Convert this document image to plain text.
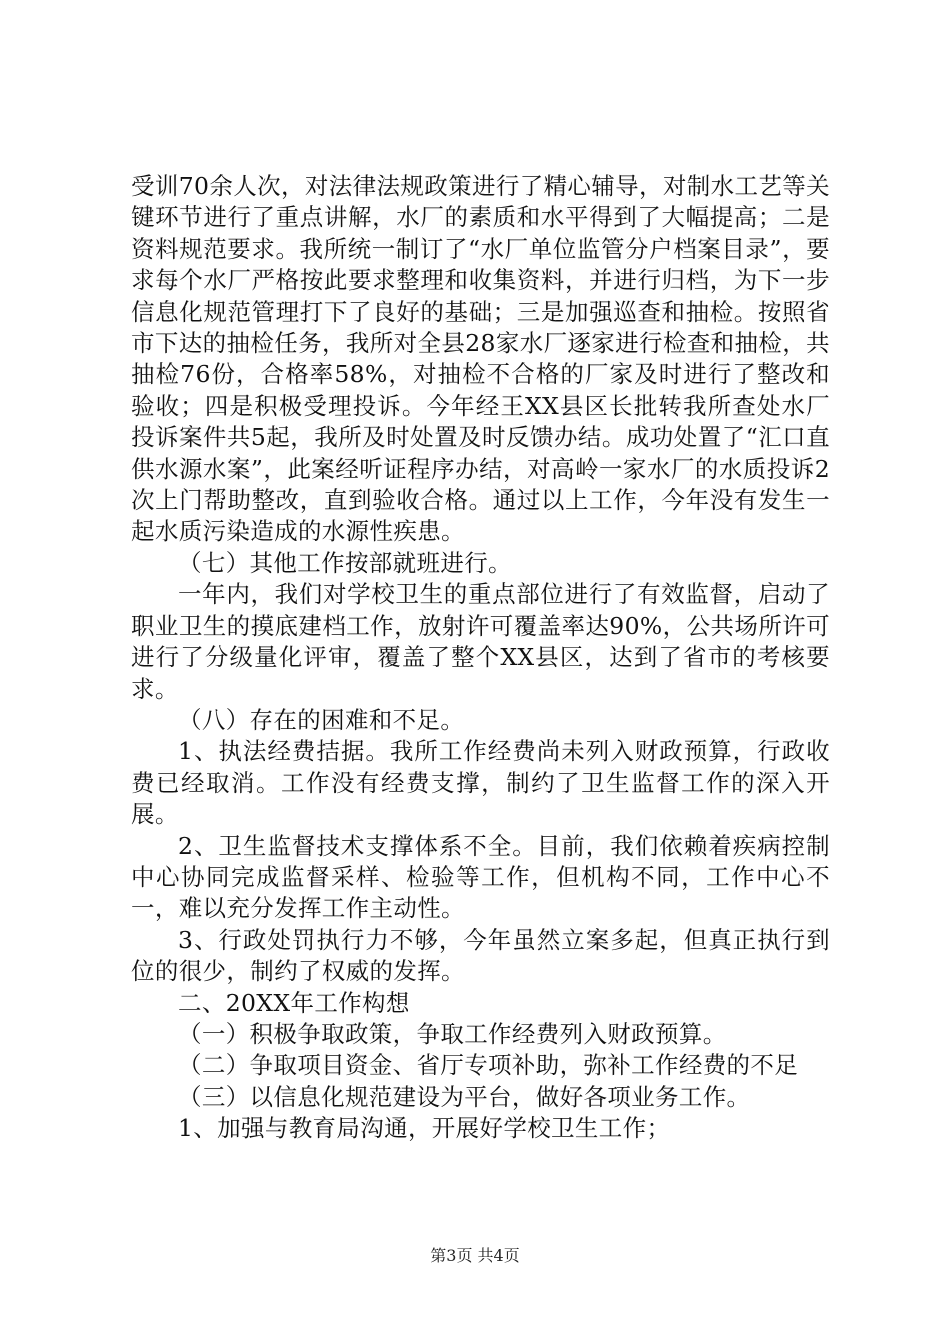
受训70余人次，对法律法规政策进行了精心辅导，对制水工艺等关键环节进行了重点讲解，水厂的素质和水平得到了大幅提高；二是资料规范要求。我所统一制订了“水厂单位监管分户档案目录”，要求每个水厂严格按此要求整理和收集资料，并进行归档，为下一步信息化规范管理打下了良好的基础；三是加强巡查和抽检。按照省市下达的抽检任务，我所对全县28家水厂逐家进行检查和抽检，共抽检76份，合格率58%，对抽检不合格的厂家及时进行了整改和验收；四是积极受理投诉。今年经王XX县区长批转我所查处水厂投诉案件共5起，我所及时处置及时反馈办结。成功处置了“汇口直供水源水案”，此案经听证程序办结，对高岭一家水厂的水质投诉2次上门帮助整改，直到验收合格。通过以上工作，今年没有发生一起水质污染造成的水源性疾患。

（七）其他工作按部就班进行。

一年内，我们对学校卫生的重点部位进行了有效监督，启动了职业卫生的摸底建档工作，放射许可覆盖率达90%，公共场所许可进行了分级量化评审，覆盖了整个XX县区，达到了省市的考核要求。

（八）存在的困难和不足。

1、执法经费拮据。我所工作经费尚未列入财政预算，行政收费已经取消。工作没有经费支撑，制约了卫生监督工作的深入开展。

2、卫生监督技术支撑体系不全。目前，我们依赖着疾病控制中心协同完成监督采样、检验等工作，但机构不同，工作中心不一，难以充分发挥工作主动性。

3、行政处罚执行力不够，今年虽然立案多起，但真正执行到位的很少，制约了权威的发挥。

二、20XX年工作构想

（一）积极争取政策，争取工作经费列入财政预算。

（二）争取项目资金、省厅专项补助，弥补工作经费的不足

（三）以信息化规范建设为平台，做好各项业务工作。

1、加强与教育局沟通，开展好学校卫生工作；

第3页 共4页
